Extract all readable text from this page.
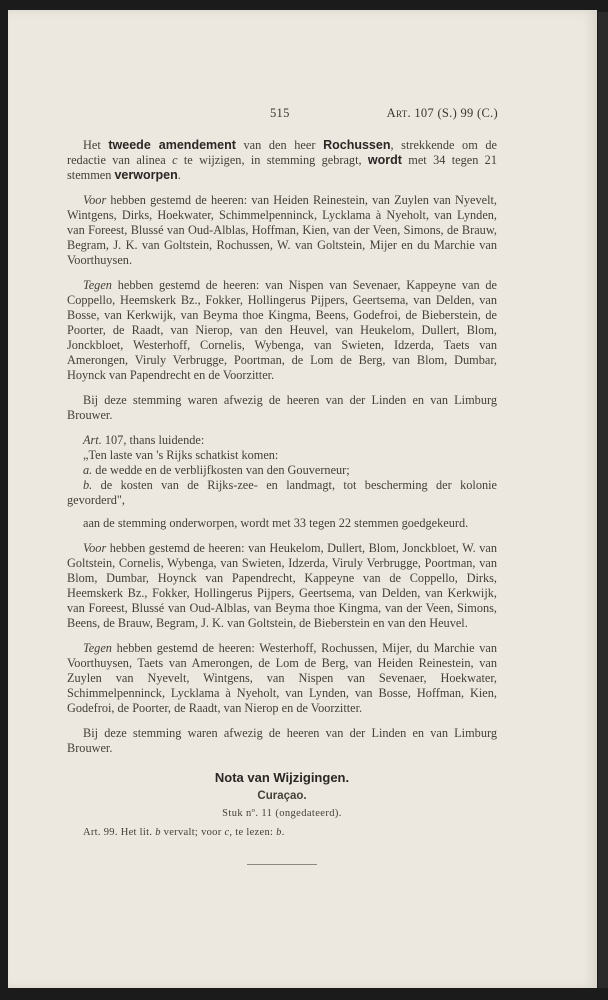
515	Art. 107 (S.) 99 (C.)

Het tweede amendement van den heer Rochussen, strekkende om de redactie van alinea c te wijzigen, in stemming gebragt, wordt met 34 tegen 21 stemmen verworpen.

Voor hebben gestemd de heeren: van Heiden Reinestein, van Zuylen van Nyevelt, Wintgens, Dirks, Hoekwater, Schimmelpenninck, Lycklama à Nyeholt, van Lynden, van Foreest, Blussé van Oud-Alblas, Hoffman, Kien, van der Veen, Simons, de Brauw, Begram, J. K. van Goltstein, Rochussen, W. van Goltstein, Mijer en du Marchie van Voorthuysen.

Tegen hebben gestemd de heeren: van Nispen van Sevenaer, Kappeyne van de Coppello, Heemskerk Bz., Fokker, Hollingerus Pijpers, Geertsema, van Delden, van Bosse, van Kerkwijk, van Beyma thoe Kingma, Beens, Godefroi, de Bieberstein, de Poorter, de Raadt, van Nierop, van den Heuvel, van Heukelom, Dullert, Blom, Jonckbloet, Westerhoff, Cornelis, Wybenga, van Swieten, Idzerda, Taets van Amerongen, Viruly Verbrugge, Poortman, de Lom de Berg, van Blom, Dumbar, Hoynck van Papendrecht en de Voorzitter.

Bij deze stemming waren afwezig de heeren van der Linden en van Limburg Brouwer.

Art. 107, thans luidende:

„Ten laste van 's Rijks schatkist komen:

a. de wedde en de verblijfkosten van den Gouverneur;

b. de kosten van de Rijks-zee- en landmagt, tot bescherming der kolonie gevorderd",

aan de stemming onderworpen, wordt met 33 tegen 22 stemmen goedgekeurd.

Voor hebben gestemd de heeren: van Heukelom, Dullert, Blom, Jonckbloet, W. van Goltstein, Cornelis, Wybenga, van Swieten, Idzerda, Viruly Verbrugge, Poortman, van Blom, Dumbar, Hoynck van Papendrecht, Kappeyne van de Coppello, Dirks, Heemskerk Bz., Fokker, Hollingerus Pijpers, Geertsema, van Delden, van Kerkwijk, van Foreest, Blussé van Oud-Alblas, van Beyma thoe Kingma, van der Veen, Simons, Beens, de Brauw, Begram, J. K. van Goltstein, de Bieberstein en van den Heuvel.

Tegen hebben gestemd de heeren: Westerhoff, Rochussen, Mijer, du Marchie van Voorthuysen, Taets van Amerongen, de Lom de Berg, van Heiden Reinestein, van Zuylen van Nyevelt, Wintgens, van Nispen van Sevenaer, Hoekwater, Schimmelpenninck, Lycklama à Nyeholt, van Lynden, van Bosse, Hoffman, Kien, Godefroi, de Poorter, de Raadt, van Nierop en de Voorzitter.

Bij deze stemming waren afwezig de heeren van der Linden en van Limburg Brouwer.

Nota van Wijzigingen.
Curaçao.
Stuk nº. 11 (ongedateerd).

Art. 99. Het lit. b vervalt; voor c, te lezen: b.
